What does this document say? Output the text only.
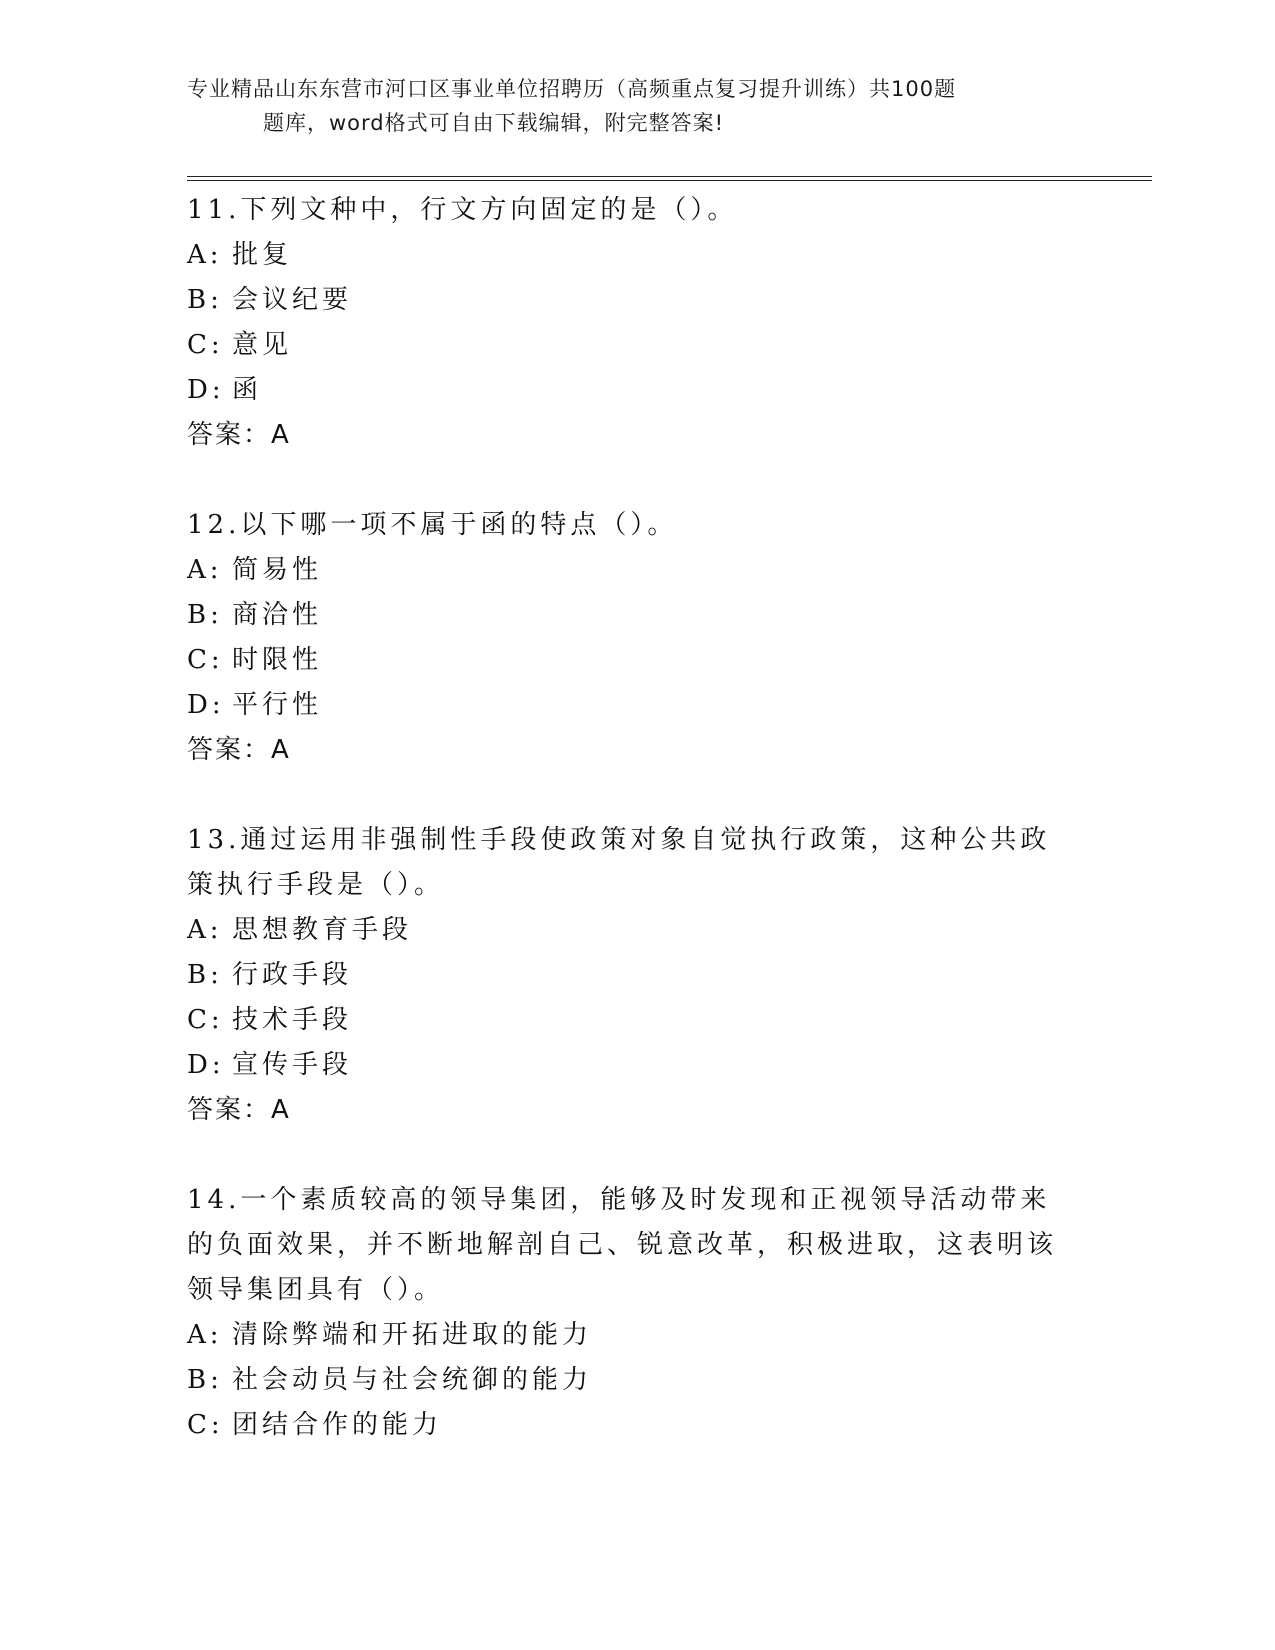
专业精品山东东营市河口区事业单位招聘历（高频重点复习提升训练）共100题
题库，word格式可自由下载编辑，附完整答案!

11.下列文种中，行文方向固定的是（）。

A: 批复

B: 会议纪要

C: 意见

D: 函

答案：A

12.以下哪一项不属于函的特点（）。

A: 简易性

B: 商洽性

C: 时限性

D: 平行性

答案：A

13.通过运用非强制性手段使政策对象自觉执行政策，这种公共政策执行手段是（）。

A: 思想教育手段

B: 行政手段

C: 技术手段

D: 宣传手段

答案：A

14.一个素质较高的领导集团，能够及时发现和正视领导活动带来的负面效果，并不断地解剖自己、锐意改革，积极进取，这表明该领导集团具有（）。

A: 清除弊端和开拓进取的能力

B: 社会动员与社会统御的能力

C: 团结合作的能力
